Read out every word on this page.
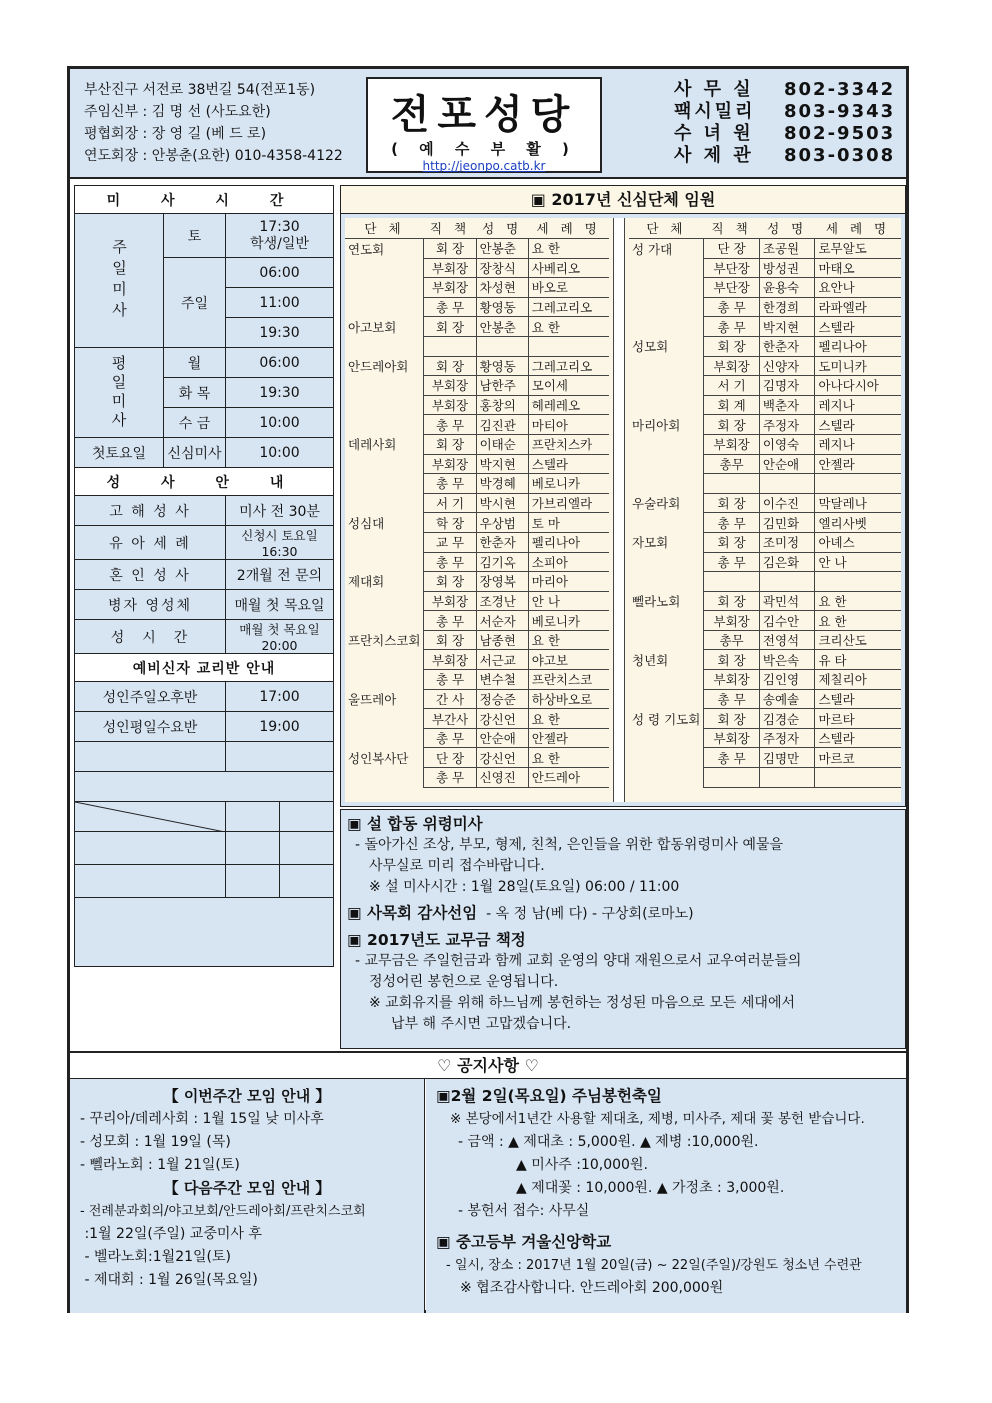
부산진구 서전로 38번길 54(전포1동)
주임신부 : 김 명 선 (사도요한)
평협회장 : 장 영 길 (베 드 로)
연도회장 : 안봉춘(요한) 010-4358-4122
전포성당
( 예 수 부 활 )
http://jeonpo.catb.kr
사 무 실	802-3342
팩시밀리	803-9343
수 녀 원	802-9503
사 제 관	803-0308
미 사 시 간			
주일미사	토	17:30
학생/일반	

	주일	06:00	
		11:00	
		19:30	
평일미사	월	06:00	
	화 목	19:30	
	수 금	10:00	
첫토요일	신심미사	10:00	
성 사 안 내			
고 해 성 사		미사 전 30분	
유 아 세 례		신청시 토요일16:30	
혼 인 성 사		2개월 전 문의	
병자 영성체		매월 첫 목요일	
성　시　간		매월 첫 목요일 20:00	
예비신자 교리반 안내			
성인주일오후반		17:00	
성인평일수요반		19:00	

▣ 2017년 신심단체 임원
단 체	직 책	성 명	세 례 명
연도회	회 장	안봉춘	요 한
	부회장	장창식	사베리오
	부회장	차성현	바오로
	총 무	황영동	그레고리오
아고보회	회 장	안봉춘	요 한

안드레아회	회 장	황영동	그레고리오
	부회장	남한주	모이세
	부회장	홍창의	헤레레오
	총 무	김진관	마티아
데레사회	회 장	이태순	프란치스카
	부회장	박지현	스텔라
	총 무	박경혜	베로니카
	서 기	박시현	가브리엘라
성심대	학 장	우상범	토 마
	교 무	한춘자	펠리나아
	총 무	김기옥	소피아
제대회	회 장	장영복	마리아
	부회장	조경난	안 나
	총 무	서순자	베로니카
프란치스코회	회 장	남종현	요 한
	부회장	서근교	야고보
	총 무	변수철	프란치스코
울뜨레아	간 사	정승준	하상바오로
	부간사	강신언	요 한
	총 무	안순애	안젤라
성인복사단	단 장	강신언	요 한
	총 무	신영진	안드레아
단 체	직 책	성 명	세 례 명
성 가대	단 장	조공원	로무알도
	부단장	방성권	마태오
	부단장	윤용숙	요안나
	총 무	한경희	라파엘라
	총 무	박지현	스텔라
성모회	회 장	한춘자	펠리나아
	부회장	신양자	도미니카
	서 기	김명자	아나다시아
	회 계	백춘자	레지나
마리아회	회 장	주정자	스텔라
	부회장	이영숙	레지나
	총무	안순애	안젤라

우술라회	회 장	이수진	막달레나
	총 무	김민화	엘리사벳
자모회	회 장	조미정	아녜스
	총 무	김은화	안 나

뻴라노회	회 장	곽민석	요 한
	부회장	김수안	요 한
	총무	전영석	크리산도
청년회	회 장	박은속	유 타
	부회장	김인영	제칠리아
	총 무	송예솔	스텔라
성 령 기도회	회 장	김경순	마르타
	부회장	주정자	스텔라
	총 무	김명만	마르코

▣ 설 합동 위령미사
- 돌아가신 조상, 부모, 형제, 친척, 은인들을 위한 합동위령미사 예물을
사무실로 미리 접수바랍니다.
※ 설 미사시간 : 1월 28일(토요일) 06:00 / 11:00
▣ 사목회 감사선임 - 옥 정 남(베 다) - 구상회(로마노)
▣ 2017년도 교무금 책정
- 교무금은 주일헌금과 함께 교회 운영의 양대 재원으로서 교우여러분들의
정성어린 봉헌으로 운영됩니다.
※ 교회유지를 위해 하느님께 봉헌하는 정성된 마음으로 모든 세대에서
납부 해 주시면 고맙겠습니다.
♡ 공지사항 ♡
【 이번주간 모임 안내 】
- 꾸리아/데레사회 : 1월 15일 낮 미사후
- 성모회 : 1월 19일 (목)
- 뻴라노회 : 1월 21일(토)
【 다음주간 모임 안내 】
- 전례분과회의/야고보회/안드레아회/프란치스코회
:1월 22일(주일) 교중미사 후
- 벨라노회:1월21일(토)
- 제대회 : 1월 26일(목요일)
▣2월 2일(목요일) 주님봉헌축일
※ 본당에서1년간 사용할 제대초, 제병, 미사주, 제대 꽃 봉헌 받습니다.
- 금액 : ▲ 제대초 : 5,000원. ▲ 제병 :10,000원.
▲ 미사주 :10,000원.
▲ 제대꽃 : 10,000원. ▲ 가정초 : 3,000원.
- 봉헌서 접수: 사무실
▣ 중고등부 겨울신앙학교
- 일시, 장소 : 2017년 1월 20일(금) ~ 22일(주일)/강원도 청소년 수련관
※ 협조감사합니다. 안드레아회 200,000원
